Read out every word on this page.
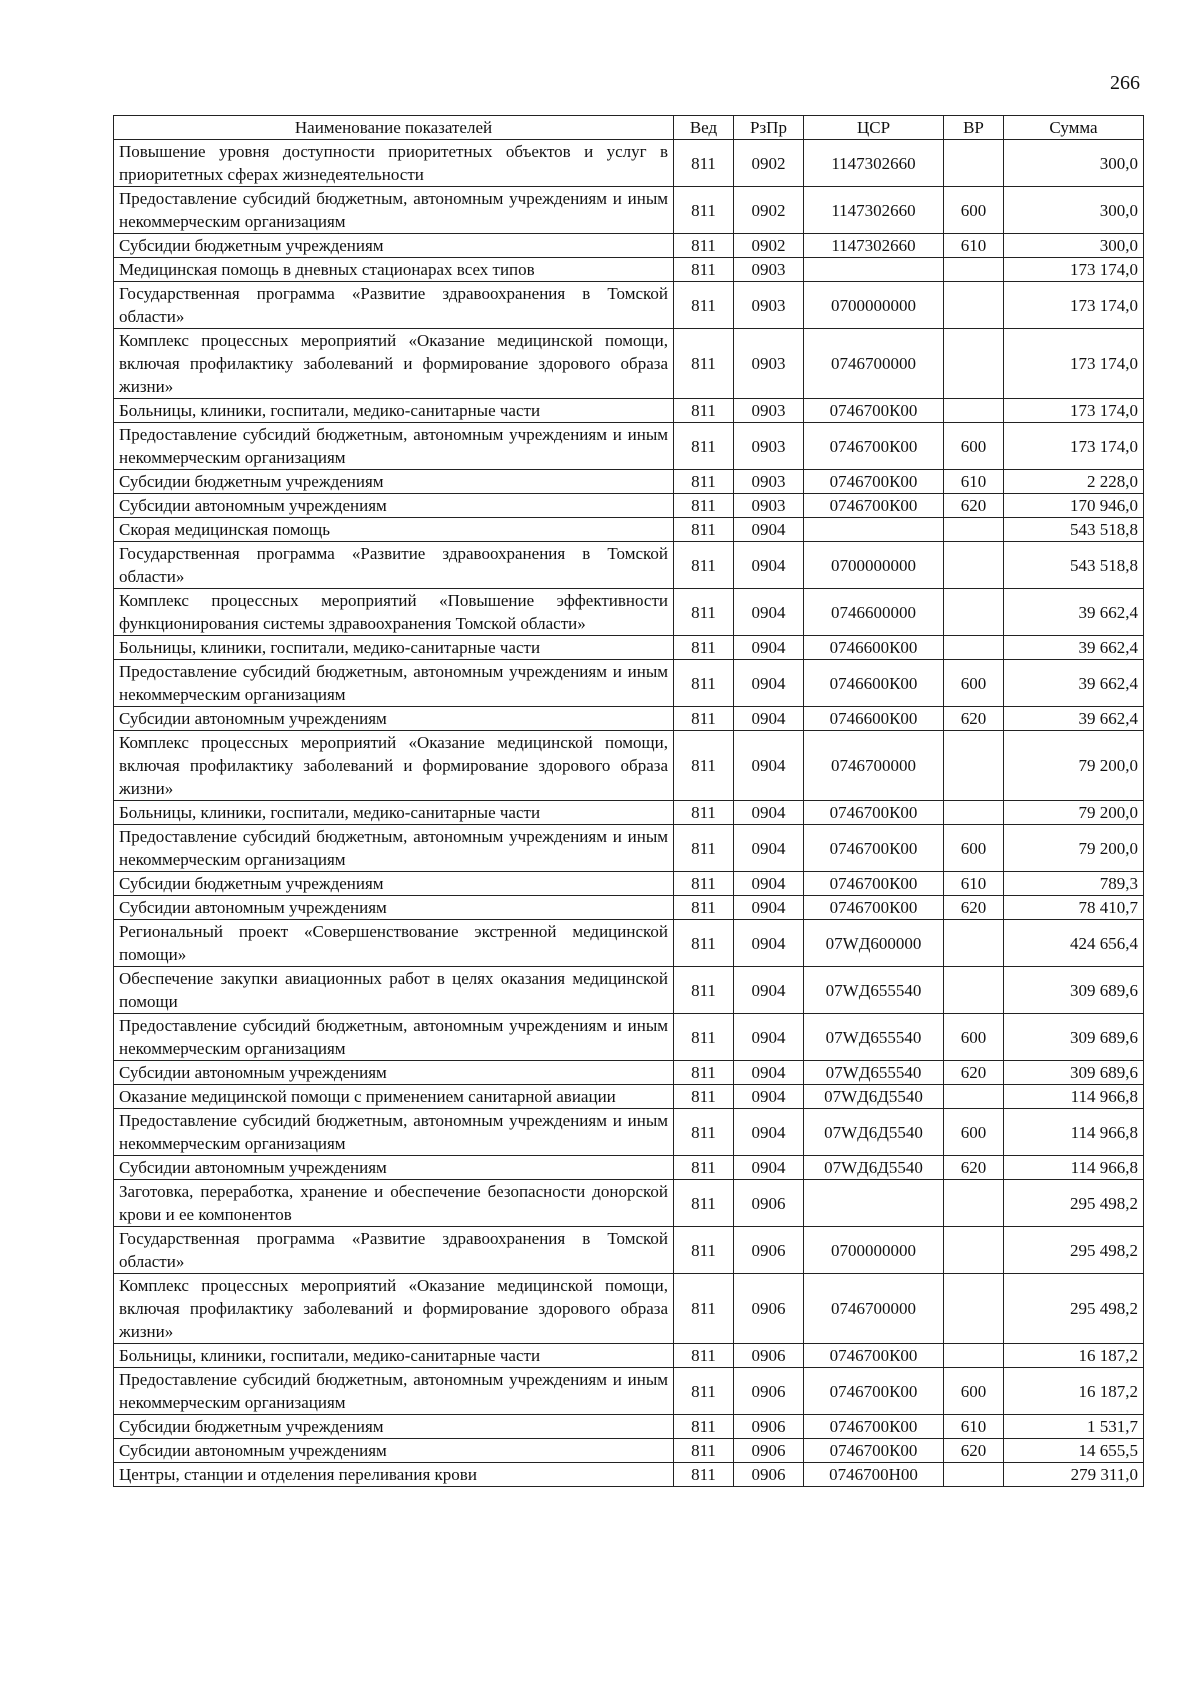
266
Наименование показателей	Вед	РзПр	ЦСР	ВР	Сумма
Повышение уровня доступности приоритетных объектов и услуг в приоритетных сферах жизнедеятельности	811	0902	1147302660		300,0
Предоставление субсидий бюджетным, автономным учреждениям и иным некоммерческим организациям	811	0902	1147302660	600	300,0
Субсидии бюджетным учреждениям	811	0902	1147302660	610	300,0
Медицинская помощь в дневных стационарах всех типов	811	0903			173 174,0
Государственная программа «Развитие здравоохранения в Томской области»	811	0903	0700000000		173 174,0
Комплекс процессных мероприятий «Оказание медицинской помощи, включая профилактику заболеваний и формирование здорового образа жизни»	811	0903	0746700000		173 174,0
Больницы, клиники, госпитали, медико-санитарные части	811	0903	0746700К00		173 174,0
Предоставление субсидий бюджетным, автономным учреждениям и иным некоммерческим организациям	811	0903	0746700К00	600	173 174,0
Субсидии бюджетным учреждениям	811	0903	0746700К00	610	2 228,0
Субсидии автономным учреждениям	811	0903	0746700К00	620	170 946,0
Скорая медицинская помощь	811	0904			543 518,8
Государственная программа «Развитие здравоохранения в Томской области»	811	0904	0700000000		543 518,8
Комплекс процессных мероприятий «Повышение эффективности функционирования системы здравоохранения Томской области»	811	0904	0746600000		39 662,4
Больницы, клиники, госпитали, медико-санитарные части	811	0904	0746600К00		39 662,4
Предоставление субсидий бюджетным, автономным учреждениям и иным некоммерческим организациям	811	0904	0746600К00	600	39 662,4
Субсидии автономным учреждениям	811	0904	0746600К00	620	39 662,4
Комплекс процессных мероприятий «Оказание медицинской помощи, включая профилактику заболеваний и формирование здорового образа жизни»	811	0904	0746700000		79 200,0
Больницы, клиники, госпитали, медико-санитарные части	811	0904	0746700К00		79 200,0
Предоставление субсидий бюджетным, автономным учреждениям и иным некоммерческим организациям	811	0904	0746700К00	600	79 200,0
Субсидии бюджетным учреждениям	811	0904	0746700К00	610	789,3
Субсидии автономным учреждениям	811	0904	0746700К00	620	78 410,7
Региональный проект «Совершенствование экстренной медицинской помощи»	811	0904	07WД600000		424 656,4
Обеспечение закупки авиационных работ в целях оказания медицинской помощи	811	0904	07WД655540		309 689,6
Предоставление субсидий бюджетным, автономным учреждениям и иным некоммерческим организациям	811	0904	07WД655540	600	309 689,6
Субсидии автономным учреждениям	811	0904	07WД655540	620	309 689,6
Оказание медицинской помощи с применением санитарной авиации	811	0904	07WД6Д5540		114 966,8
Предоставление субсидий бюджетным, автономным учреждениям и иным некоммерческим организациям	811	0904	07WД6Д5540	600	114 966,8
Субсидии автономным учреждениям	811	0904	07WД6Д5540	620	114 966,8
Заготовка, переработка, хранение и обеспечение безопасности донорской крови и ее компонентов	811	0906			295 498,2
Государственная программа «Развитие здравоохранения в Томской области»	811	0906	0700000000		295 498,2
Комплекс процессных мероприятий «Оказание медицинской помощи, включая профилактику заболеваний и формирование здорового образа жизни»	811	0906	0746700000		295 498,2
Больницы, клиники, госпитали, медико-санитарные части	811	0906	0746700К00		16 187,2
Предоставление субсидий бюджетным, автономным учреждениям и иным некоммерческим организациям	811	0906	0746700К00	600	16 187,2
Субсидии бюджетным учреждениям	811	0906	0746700К00	610	1 531,7
Субсидии автономным учреждениям	811	0906	0746700К00	620	14 655,5
Центры, станции и отделения переливания крови	811	0906	0746700Н00		279 311,0
